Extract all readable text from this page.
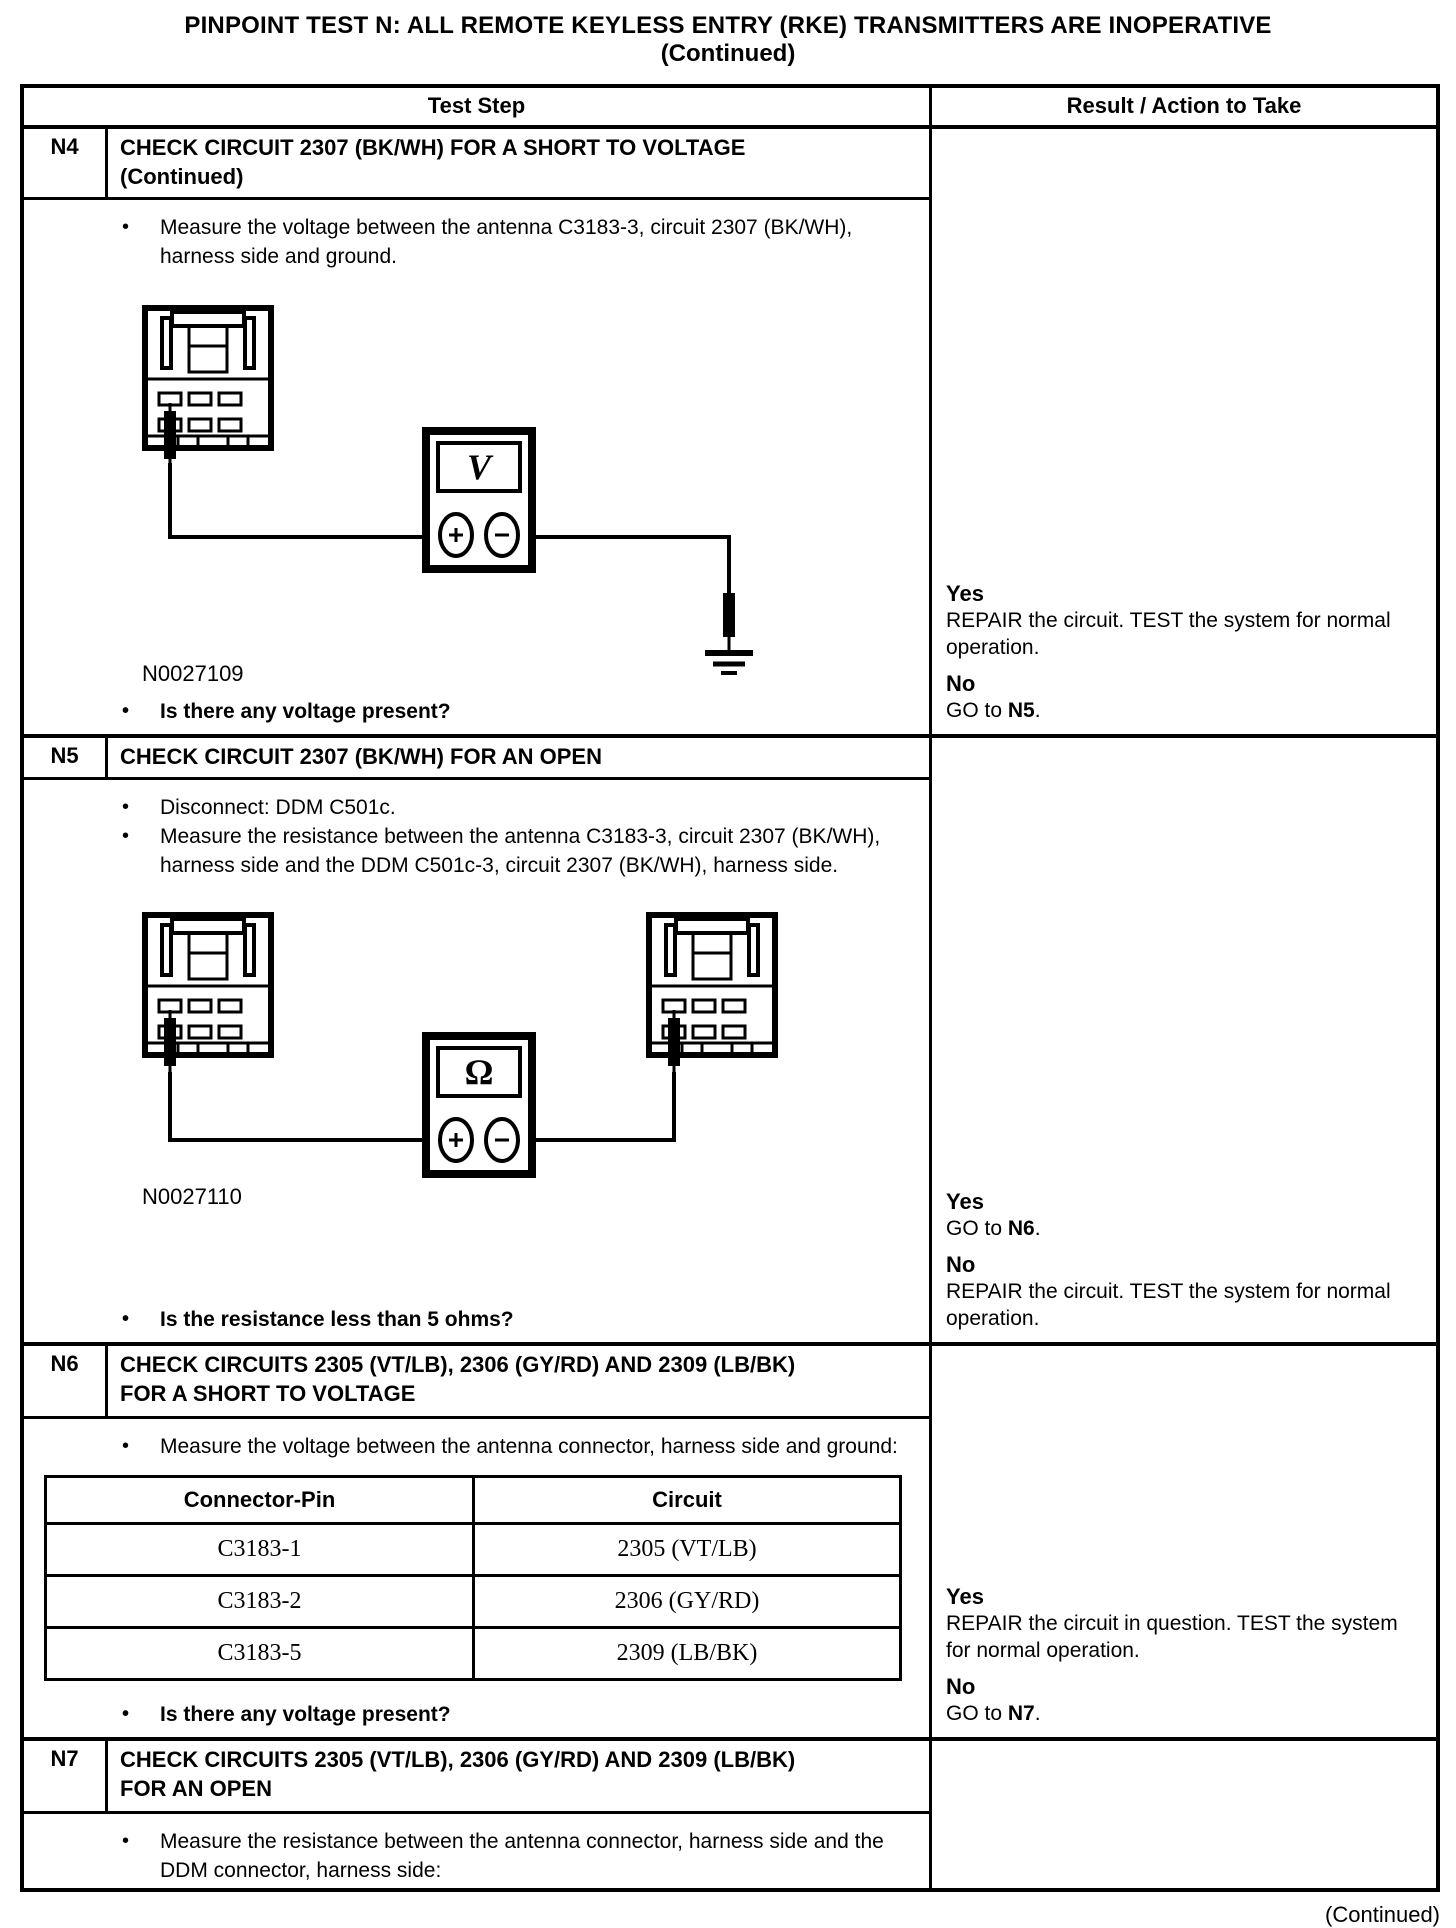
PINPOINT TEST N: ALL REMOTE KEYLESS ENTRY (RKE) TRANSMITTERS ARE INOPERATIVE
(Continued)
Test Step	Result / Action to Take
N4	CHECK CIRCUIT 2307 (BK/WH) FOR A SHORT TO VOLTAGE (Continued)
•	Measure the voltage between the antenna C3183-3, circuit 2307 (BK/WH), harness side and ground.
V
N0027109
•	Is there any voltage present?
Yes
REPAIR the circuit. TEST the system for normal operation.
No
GO to N5.
N5	CHECK CIRCUIT 2307 (BK/WH) FOR AN OPEN
•	Disconnect: DDM C501c.
•	Measure the resistance between the antenna C3183-3, circuit 2307 (BK/WH), harness side and the DDM C501c-3, circuit 2307 (BK/WH), harness side.
Ω
N0027110
•	Is the resistance less than 5 ohms?
Yes
GO to N6.
No
REPAIR the circuit. TEST the system for normal operation.
N6	CHECK CIRCUITS 2305 (VT/LB), 2306 (GY/RD) AND 2309 (LB/BK) FOR A SHORT TO VOLTAGE
•	Measure the voltage between the antenna connector, harness side and ground:
Connector-Pin	Circuit
C3183-1	2305 (VT/LB)
C3183-2	2306 (GY/RD)
C3183-5	2309 (LB/BK)
•	Is there any voltage present?
Yes
REPAIR the circuit in question. TEST the system for normal operation.
No
GO to N7.
N7	CHECK CIRCUITS 2305 (VT/LB), 2306 (GY/RD) AND 2309 (LB/BK) FOR AN OPEN
•	Measure the resistance between the antenna connector, harness side and the DDM connector, harness side:
(Continued)
